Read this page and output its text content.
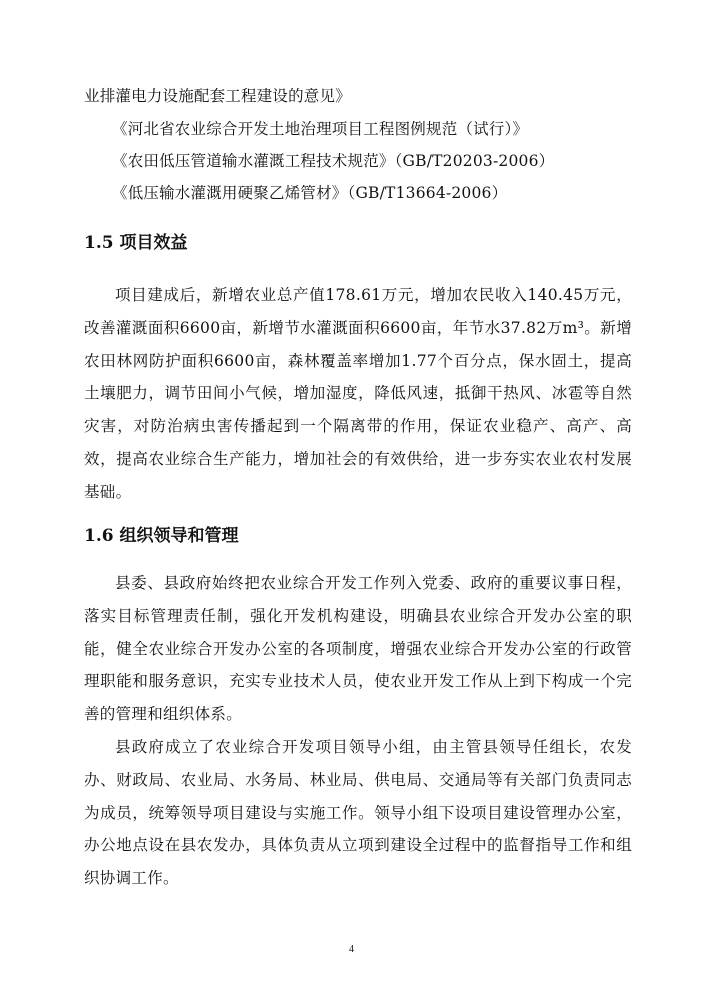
业排灌电力设施配套工程建设的意见》
《河北省农业综合开发土地治理项目工程图例规范（试行）》
《农田低压管道输水灌溉工程技术规范》（GB/T20203-2006）
《低压输水灌溉用硬聚乙烯管材》（GB/T13664-2006）
1.5 项目效益

项目建成后，新增农业总产值178.61万元，增加农民收入140.45万元，改善灌溉面积6600亩，新增节水灌溉面积6600亩，年节水37.82万m³。新增农田林网防护面积6600亩，森林覆盖率增加1.77个百分点，保水固土，提高土壤肥力，调节田间小气候，增加湿度，降低风速，抵御干热风、冰雹等自然灾害，对防治病虫害传播起到一个隔离带的作用，保证农业稳产、高产、高效，提高农业综合生产能力，增加社会的有效供给，进一步夯实农业农村发展基础。

1.6 组织领导和管理

县委、县政府始终把农业综合开发工作列入党委、政府的重要议事日程，落实目标管理责任制，强化开发机构建设，明确县农业综合开发办公室的职能，健全农业综合开发办公室的各项制度，增强农业综合开发办公室的行政管理职能和服务意识，充实专业技术人员，使农业开发工作从上到下构成一个完善的管理和组织体系。

县政府成立了农业综合开发项目领导小组，由主管县领导任组长，农发办、财政局、农业局、水务局、林业局、供电局、交通局等有关部门负责同志为成员，统筹领导项目建设与实施工作。领导小组下设项目建设管理办公室，办公地点设在县农发办，具体负责从立项到建设全过程中的监督指导工作和组织协调工作。

4
